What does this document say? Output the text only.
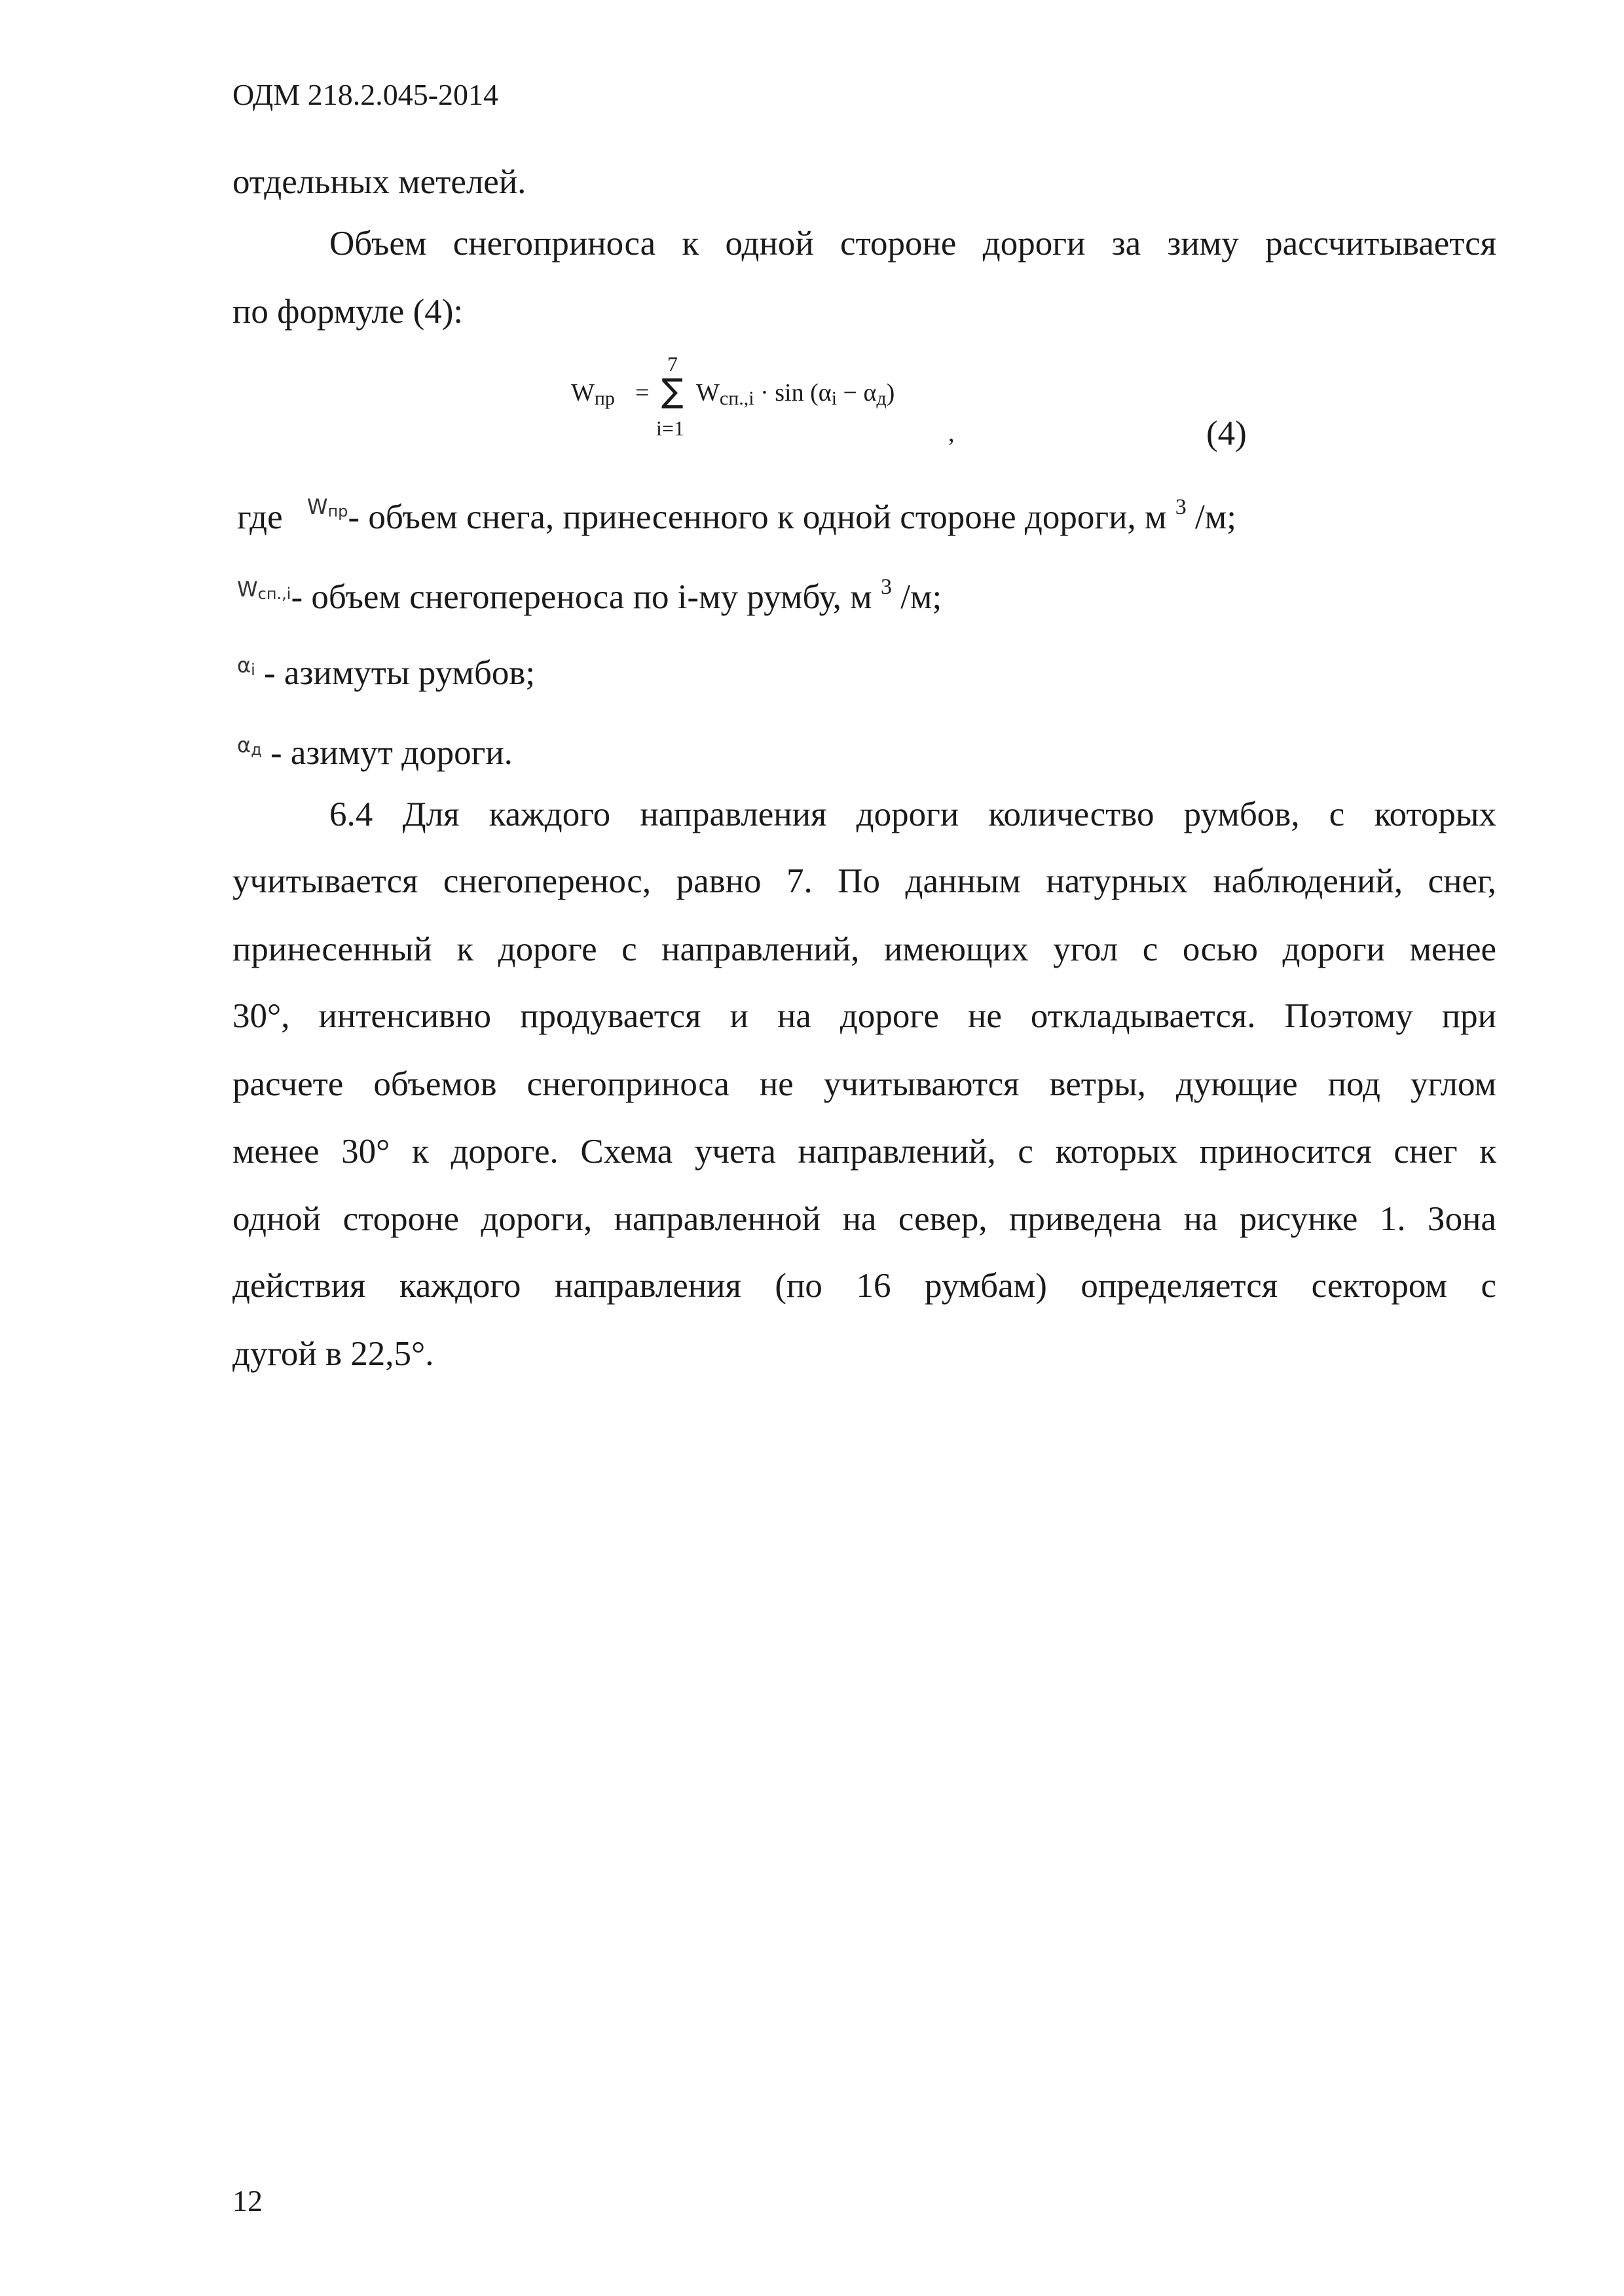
ОДМ 218.2.045-2014
отдельных метелей.
Объем снегоприноса к одной стороне дороги за зиму рассчитывается
по формуле (4):
$W_{пр}$ =
7
∑
i=1
$W_{сп.,i} \cdot \sin (\alpha_i - \alpha_д)$
,	(4)
где Wпр- объем снега, принесенного к одной стороне дороги, м $^3$ /м;
Wсп.,i- объем снегопереноса по i-му румбу, м $^3$ /м;
αi - азимуты румбов;
αд - азимут дороги.
6.4 Для каждого направления дороги количество румбов, с которых
учитывается снегоперенос, равно 7. По данным натурных наблюдений, снег,
принесенный к дороге с направлений, имеющих угол с осью дороги менее
30°, интенсивно продувается и на дороге не откладывается. Поэтому при
расчете объемов снегоприноса не учитываются ветры, дующие под углом
менее 30° к дороге. Схема учета направлений, с которых приносится снег к
одной стороне дороги, направленной на север, приведена на рисунке 1. Зона
действия каждого направления (по 16 румбам) определяется сектором с
дугой в 22,5°.
12
